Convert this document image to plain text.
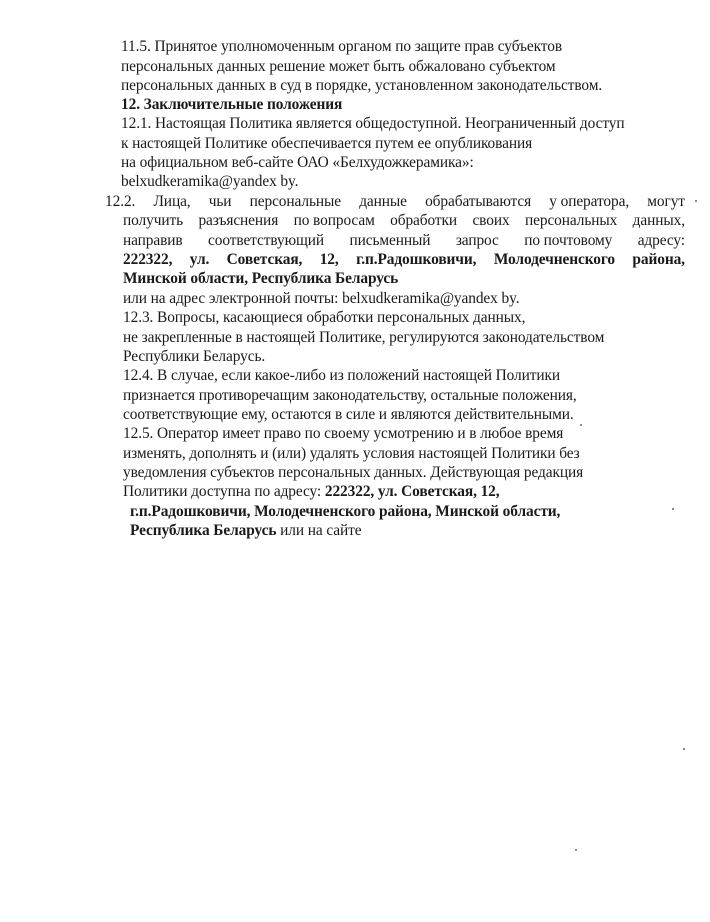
11.5. Принятое уполномоченным органом по защите прав субъектов
персональных данных решение может быть обжаловано субъектом
персональных данных в суд в порядке, установленном законодательством.
12. Заключительные положения
12.1. Настоящая Политика является общедоступной. Неограниченный доступ
к настоящей Политике обеспечивается путем ее опубликования
на официальном веб-сайте ОАО «Белхудожкерамика»:
belxudkeramika@yandex by.
12.2. Лица, чьи персональные данные обрабатываются у оператора, могут
получить разъяснения по вопросам обработки своих персональных данных,
направив соответствующий письменный запрос по почтовому адресу:
222322, ул. Советская, 12, г.п.Радошковичи, Молодечненского района,
Минской области, Республика Беларусь
или на адрес электронной почты: belxudkeramika@yandex by.
12.3. Вопросы, касающиеся обработки персональных данных,
не закрепленные в настоящей Политике, регулируются законодательством
Республики Беларусь.
12.4. В случае, если какое-либо из положений настоящей Политики
признается противоречащим законодательству, остальные положения,
соответствующие ему, остаются в силе и являются действительными.
12.5. Оператор имеет право по своему усмотрению и в любое время
изменять, дополнять и (или) удалять условия настоящей Политики без
уведомления субъектов персональных данных. Действующая редакция
Политики доступна по адресу: 222322, ул. Советская, 12,
г.п.Радошковичи, Молодечненского района, Минской области,
Республика Беларусь или на сайте
